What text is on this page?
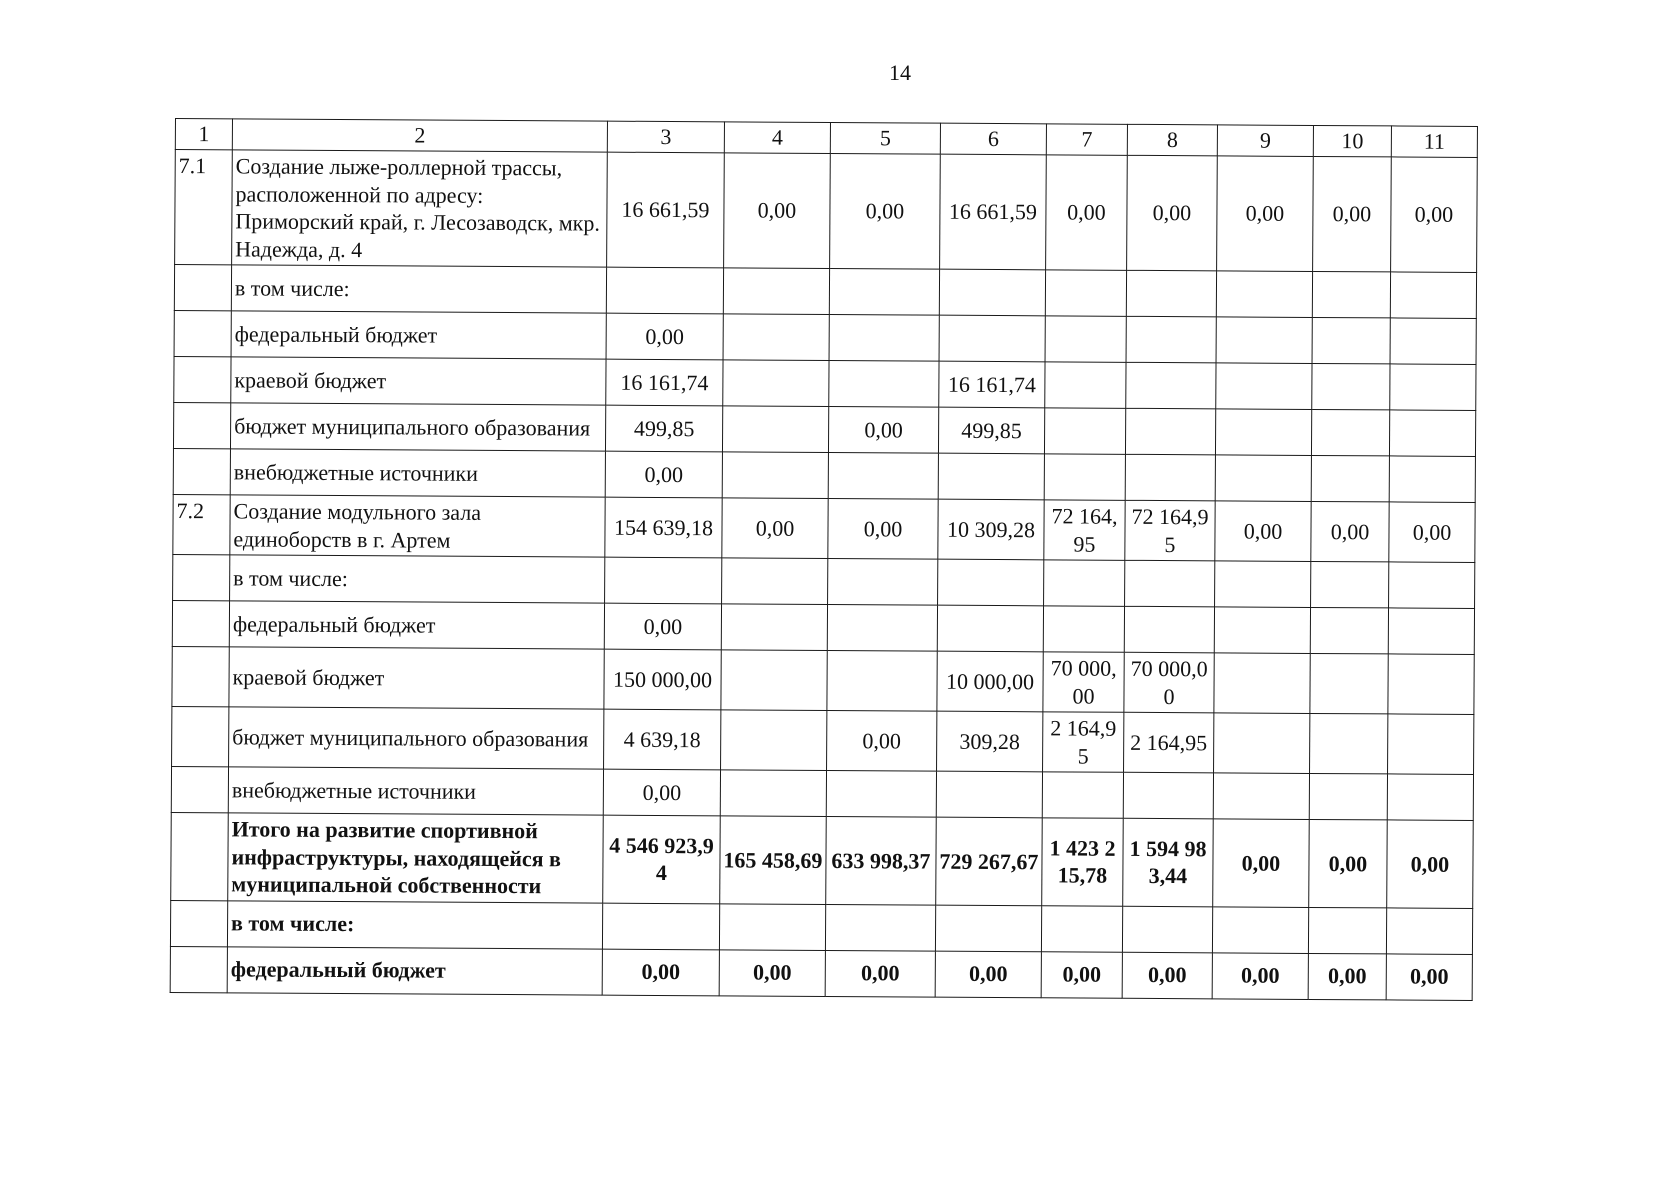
14
1	2	3	4	5	6	7	8	9	10	11
7.1	Создание лыже-роллерной трассы, расположенной по адресу: Приморский край, г. Лесозаводск, мкр. Надежда, д. 4	16 661,59	0,00	0,00	16 661,59	0,00	0,00	0,00	0,00	0,00
	в том числе:									
	федеральный бюджет	0,00								
	краевой бюджет	16 161,74			16 161,74					
	бюджет муниципального образования	499,85		0,00	499,85					
	внебюджетные источники	0,00								
7.2	Создание модульного зала единоборств в г. Артем	154 639,18	0,00	0,00	10 309,28	72 164,95	72 164,95	0,00	0,00	0,00
	в том числе:									
	федеральный бюджет	0,00								
	краевой бюджет	150 000,00			10 000,00	70 000,00	70 000,00			
	бюджет муниципального образования	4 639,18		0,00	309,28	2 164,95	2 164,95			
	внебюджетные источники	0,00								
	Итого на развитие спортивной инфраструктуры, находящейся в муниципальной собственности	4 546 923,94	165 458,69	633 998,37	729 267,67	1 423 215,78	1 594 983,44	0,00	0,00	0,00
	в том числе:									
	федеральный бюджет	0,00	0,00	0,00	0,00	0,00	0,00	0,00	0,00	0,00
